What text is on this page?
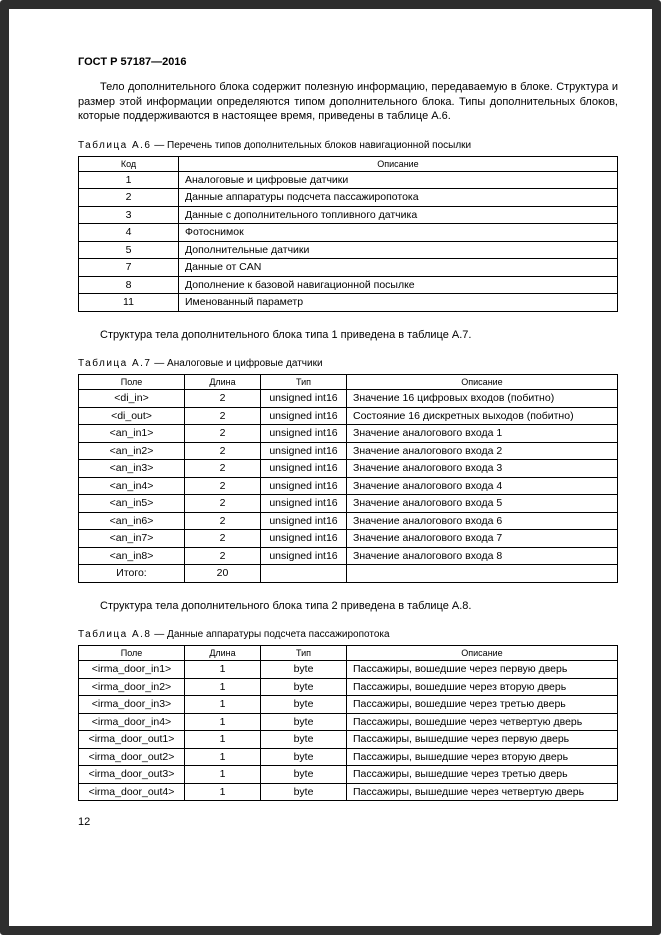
ГОСТ Р 57187—2016

Тело дополнительного блока содержит полезную информацию, передаваемую в блоке. Структура и размер этой информации определяются типом дополнительного блока. Типы дополнительных блоков, которые поддерживаются в настоящее время, приведены в таблице А.6.

Таблица А.6 — Перечень типов дополнительных блоков навигационной посылки

Код	Описание
1	Аналоговые и цифровые датчики
2	Данные аппаратуры подсчета пассажиропотока
3	Данные с дополнительного топливного датчика
4	Фотоснимок
5	Дополнительные датчики
7	Данные от CAN
8	Дополнение к базовой навигационной посылке
11	Именованный параметр

Структура тела дополнительного блока типа 1 приведена в таблице А.7.

Таблица А.7 — Аналоговые и цифровые датчики

Поле	Длина	Тип	Описание
<di_in>	2	unsigned int16	Значение 16 цифровых входов (побитно)
<di_out>	2	unsigned int16	Состояние 16 дискретных выходов (побитно)
<an_in1>	2	unsigned int16	Значение аналогового входа 1
<an_in2>	2	unsigned int16	Значение аналогового входа 2
<an_in3>	2	unsigned int16	Значение аналогового входа 3
<an_in4>	2	unsigned int16	Значение аналогового входа 4
<an_in5>	2	unsigned int16	Значение аналогового входа 5
<an_in6>	2	unsigned int16	Значение аналогового входа 6
<an_in7>	2	unsigned int16	Значение аналогового входа 7
<an_in8>	2	unsigned int16	Значение аналогового входа 8
Итого:	20		

Структура тела дополнительного блока типа 2 приведена в таблице А.8.

Таблица А.8 — Данные аппаратуры подсчета пассажиропотока

Поле	Длина	Тип	Описание
<irma_door_in1>	1	byte	Пассажиры, вошедшие через первую дверь
<irma_door_in2>	1	byte	Пассажиры, вошедшие через вторую дверь
<irma_door_in3>	1	byte	Пассажиры, вошедшие через третью дверь
<irma_door_in4>	1	byte	Пассажиры, вошедшие через четвертую дверь
<irma_door_out1>	1	byte	Пассажиры, вышедшие через первую дверь
<irma_door_out2>	1	byte	Пассажиры, вышедшие через вторую дверь
<irma_door_out3>	1	byte	Пассажиры, вышедшие через третью дверь
<irma_door_out4>	1	byte	Пассажиры, вышедшие через четвертую дверь
12
